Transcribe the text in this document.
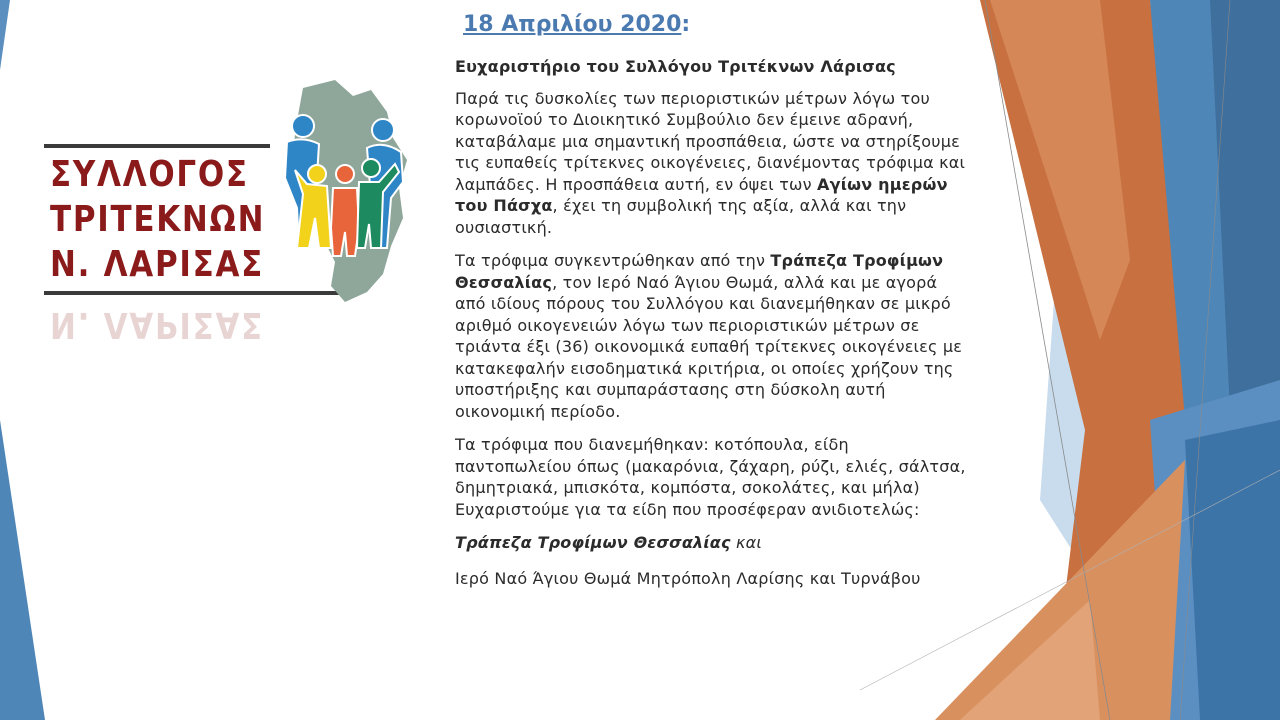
ΣΥΛΛΟΓΟΣ
ΤΡΙΤΕΚΝΩΝ
Ν. ΛΑΡΙΣΑΣ
Ν. ΛΑΡΙΣΑΣ
18 Απριλίου 2020:

Ευχαριστήριο του Συλλόγου Τριτέκνων Λάρισας

Παρά τις δυσκολίες των περιοριστικών μέτρων λόγω του κορωνοϊού το Διοικητικό Συμβούλιο δεν έμεινε αδρανή, καταβάλαμε μια σημαντική προσπάθεια, ώστε να στηρίξουμε τις ευπαθείς τρίτεκνες οικογένειες, διανέμοντας τρόφιμα και λαμπάδες. Η προσπάθεια αυτή, εν όψει των Αγίων ημερών του Πάσχα, έχει τη συμβολική της αξία, αλλά και την ουσιαστική.

Τα τρόφιμα συγκεντρώθηκαν από την Τράπεζα Τροφίμων Θεσσαλίας, τον Ιερό Ναό Άγιου Θωμά, αλλά και με αγορά από ιδίους πόρους του Συλλόγου και διανεμήθηκαν σε μικρό αριθμό οικογενειών λόγω των περιοριστικών μέτρων σε τριάντα έξι (36) οικονομικά ευπαθή τρίτεκνες οικογένειες με κατακεφαλήν εισοδηματικά κριτήρια, οι οποίες χρήζουν της υποστήριξης και συμπαράστασης στη δύσκολη αυτή οικονομική περίοδο.

Τα τρόφιμα που διανεμήθηκαν: κοτόπουλα, είδη παντοπωλείου όπως (μακαρόνια, ζάχαρη, ρύζι, ελιές, σάλτσα, δημητριακά, μπισκότα, κομπόστα, σοκολάτες, και μήλα) Ευχαριστούμε για τα είδη που προσέφεραν ανιδιοτελώς:

Τράπεζα Τροφίμων Θεσσαλίας και

Ιερό Ναό Άγιου Θωμά Μητρόπολη Λαρίσης και Τυρνάβου
